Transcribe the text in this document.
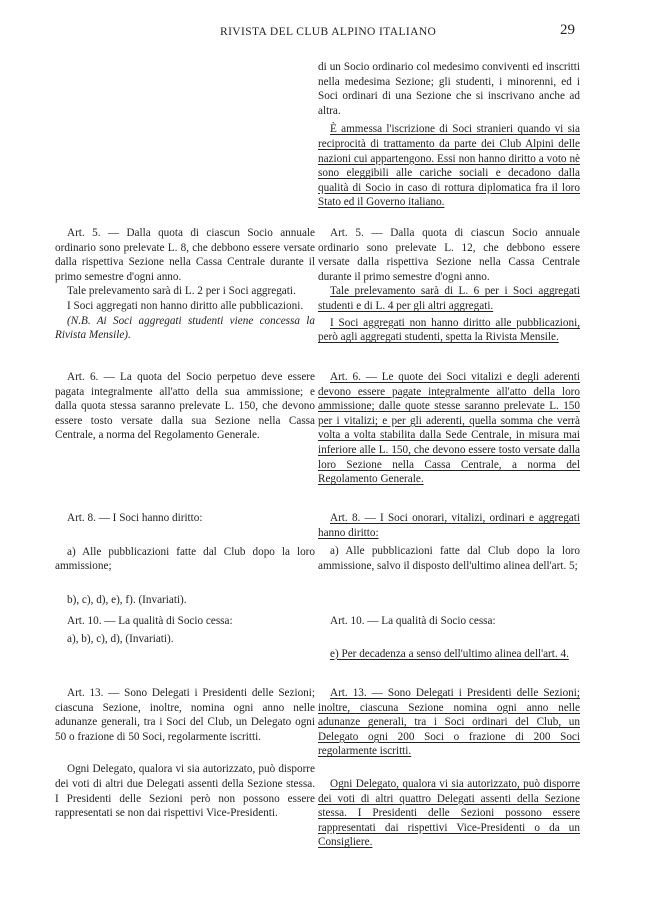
RIVISTA DEL CLUB ALPINO ITALIANO	29

Art. 5. — Dalla quota di ciascun Socio annuale ordinario sono prelevate L. 8, che debbono essere versate dalla rispettiva Sezione nella Cassa Centrale durante il primo semestre d'ogni anno.

Tale prelevamento sarà di L. 2 per i Soci aggregati.

I Soci aggregati non hanno diritto alle pubblicazioni.

(N.B. Ai Soci aggregati studenti viene concessa la Rivista Mensile).

Art. 6. — La quota del Socio perpetuo deve essere pagata integralmente all'atto della sua ammissione; e dalla quota stessa saranno prelevate L. 150, che devono essere tosto versate dalla sua Sezione nella Cassa Centrale, a norma del Regolamento Generale.

Art. 8. — I Soci hanno diritto:

a) Alle pubblicazioni fatte dal Club dopo la loro ammissione;

b), c), d), e), f). (Invariati).

Art. 10. — La qualità di Socio cessa:

a), b), c), d), (Invariati).

Art. 13. — Sono Delegati i Presidenti delle Sezioni; ciascuna Sezione, inoltre, nomina ogni anno nelle adunanze generali, tra i Soci del Club, un Delegato ogni 50 o frazione di 50 Soci, regolarmente iscritti.

Ogni Delegato, qualora vi sia autorizzato, può disporre dei voti di altri due Delegati assenti della Sezione stessa. I Presidenti delle Sezioni però non possono essere rappresentati se non dai rispettivi Vice-Presidenti.

di un Socio ordinario col medesimo conviventi ed inscritti nella medesima Sezione; gli studenti, i minorenni, ed i Soci ordinari di una Sezione che si inscrivano anche ad altra.

È ammessa l'iscrizione di Soci stranieri quando vi sia reciprocità di trattamento da parte dei Club Alpini delle nazioni cui appartengono. Essi non hanno diritto a voto nè sono eleggibili alle cariche sociali e decadono dalla qualità di Socio in caso di rottura diplomatica fra il loro Stato ed il Governo italiano.

Art. 5. — Dalla quota di ciascun Socio annuale ordinario sono prelevate L. 12, che debbono essere versate dalla rispettiva Sezione nella Cassa Centrale durante il primo semestre d'ogni anno.

Tale prelevamento sarà di L. 6 per i Soci aggregati studenti e di L. 4 per gli altri aggregati.

I Soci aggregati non hanno diritto alle pubblicazioni, però agli aggregati studenti, spetta la Rivista Mensile.

Art. 6. — Le quote dei Soci vitalizi e degli aderenti devono essere pagate integralmente all'atto della loro ammissione; dalle quote stesse saranno prelevate L. 150 per i vitalizi; e per gli aderenti, quella somma che verrà volta a volta stabilita dalla Sede Centrale, in misura mai inferiore alle L. 150, che devono essere tosto versate dalla loro Sezione nella Cassa Centrale, a norma del Regolamento Generale.

Art. 8. — I Soci onorari, vitalizi, ordinari e aggregati hanno diritto:

a) Alle pubblicazioni fatte dal Club dopo la loro ammissione, salvo il disposto dell'ultimo alinea dell'art. 5;

Art. 10. — La qualità di Socio cessa:

e) Per decadenza a senso dell'ultimo alinea dell'art. 4.

Art. 13. — Sono Delegati i Presidenti delle Sezioni; inoltre, ciascuna Sezione nomina ogni anno nelle adunanze generali, tra i Soci ordinari del Club, un Delegato ogni 200 Soci o frazione di 200 Soci regolarmente iscritti.

Ogni Delegato, qualora vi sia autorizzato, può disporre dei voti di altri quattro Delegati assenti della Sezione stessa. I Presidenti delle Sezioni possono essere rappresentati dai rispettivi Vice-Presidenti o da un Consigliere.
